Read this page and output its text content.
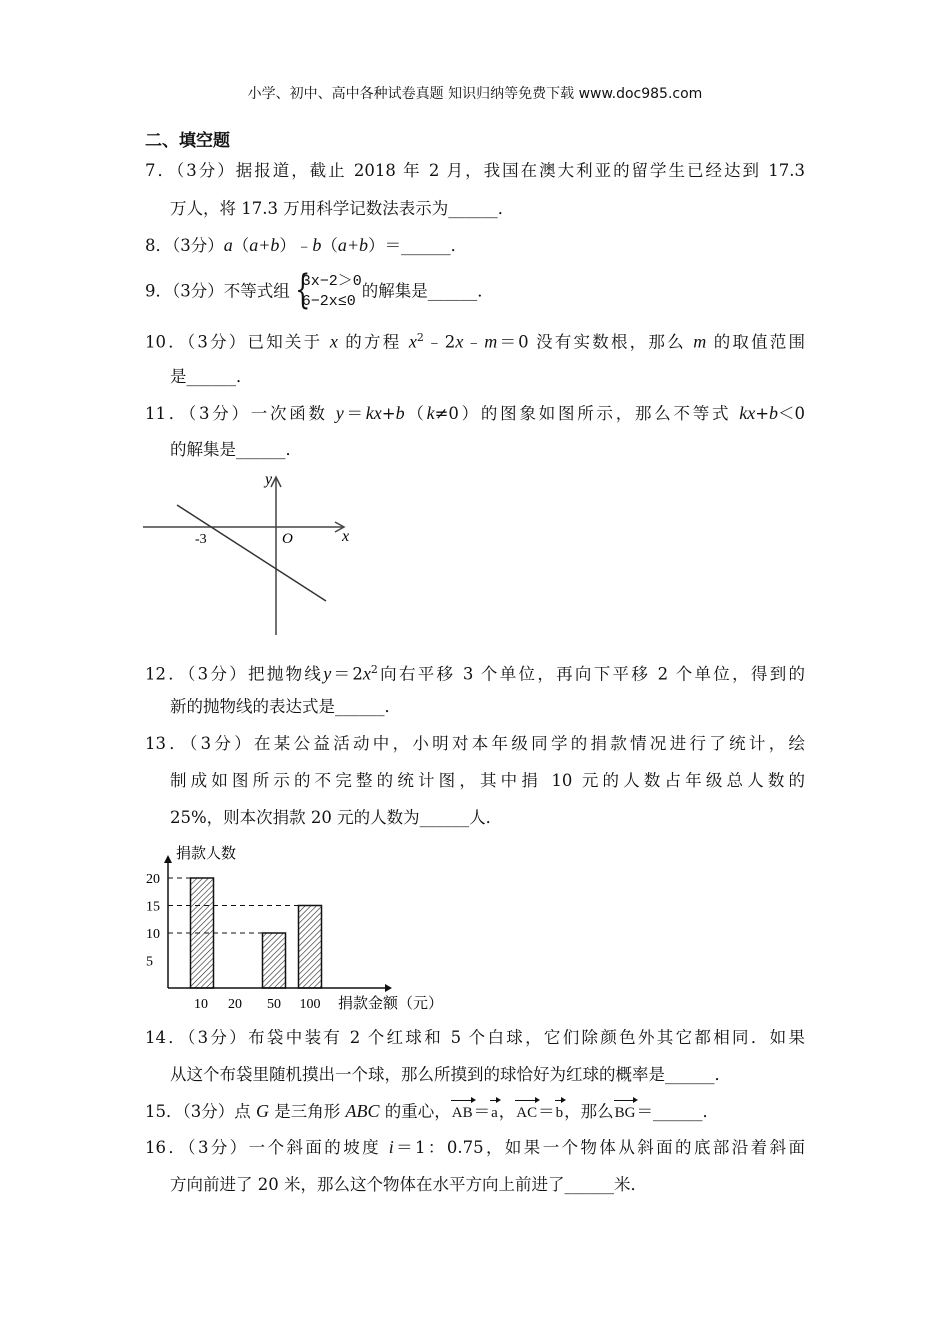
小学、初中、高中各种试卷真题 知识归纳等免费下载 www.doc985.com
二、填空题
7．（3分）据报道，截止 2018 年 2 月，我国在澳大利亚的留学生已经达到 17.3
万人，将 17.3 万用科学记数法表示为______．
8．（3分）a（a+b）﹣b（a+b）＝______．
9．（3分）不等式组 {
3x−2＞0
6−2x≤0的解集是______．
10．（3分）已知关于 x 的方程 $x^2﹣2x﹣m=0$ 没有实数根，那么 m 的取值范围
是______．
11．（3分）一次函数 y＝kx+b（k≠0）的图象如图所示，那么不等式 kx+b＜0
的解集是______．
x
y
O
-3
捐款人数
捐款金额（元）
5
10
15
20
10 20 50 100
12．（3分）把抛物线$y=2x^2$向右平移 3 个单位，再向下平移 2 个单位，得到的
新的抛物线的表达式是______．
13．（3分）在某公益活动中，小明对本年级同学的捐款情况进行了统计，绘
制成如图所示的不完整的统计图，其中捐 10 元的人数占年级总人数的
25%，则本次捐款 20 元的人数为______人．
14．（3分）布袋中装有 2 个红球和 5 个白球，它们除颜色外其它都相同．如果
从这个布袋里随机摸出一个球，那么所摸到的球恰好为红球的概率是______．
15．（3分）点 G 是三角形 ABC 的重心，AB＝a，AC＝b，那么BG＝______．
16．（3分）一个斜面的坡度 i＝1：0.75，如果一个物体从斜面的底部沿着斜面
方向前进了 20 米，那么这个物体在水平方向上前进了______米．
